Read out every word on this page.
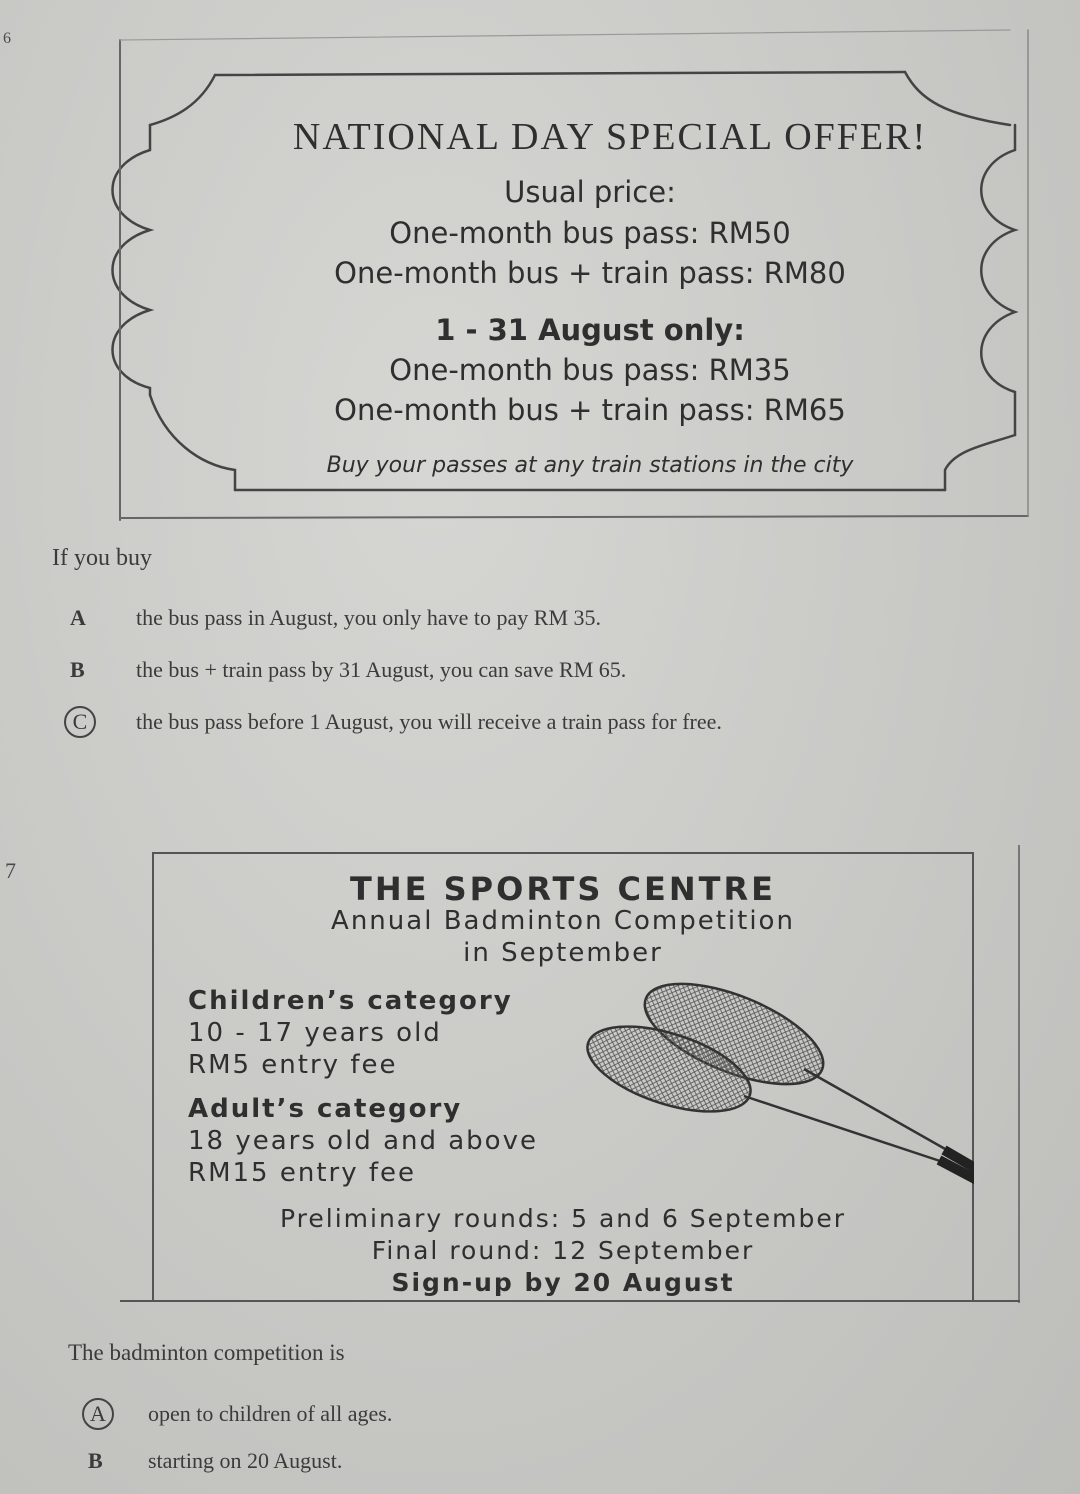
6
NATIONAL DAY SPECIAL OFFER!
Usual price:
One-month bus pass: RM50
One-month bus + train pass: RM80
1 - 31 August only:
One-month bus pass: RM35
One-month bus + train pass: RM65
Buy your passes at any train stations in the city
If you buy
A the bus pass in August, you only have to pay RM 35.
B the bus + train pass by 31 August, you can save RM 65.
C the bus pass before 1 August, you will receive a train pass for free.
7	THE SPORTS CENTRE
Annual Badminton Competition
in September
Children’s category
10 - 17 years old
RM5 entry fee
Adult’s category
18 years old and above
RM15 entry fee
Preliminary rounds: 5 and 6 September
Final round: 12 September
Sign-up by 20 August
The badminton competition is
A open to children of all ages.
B starting on 20 August.
